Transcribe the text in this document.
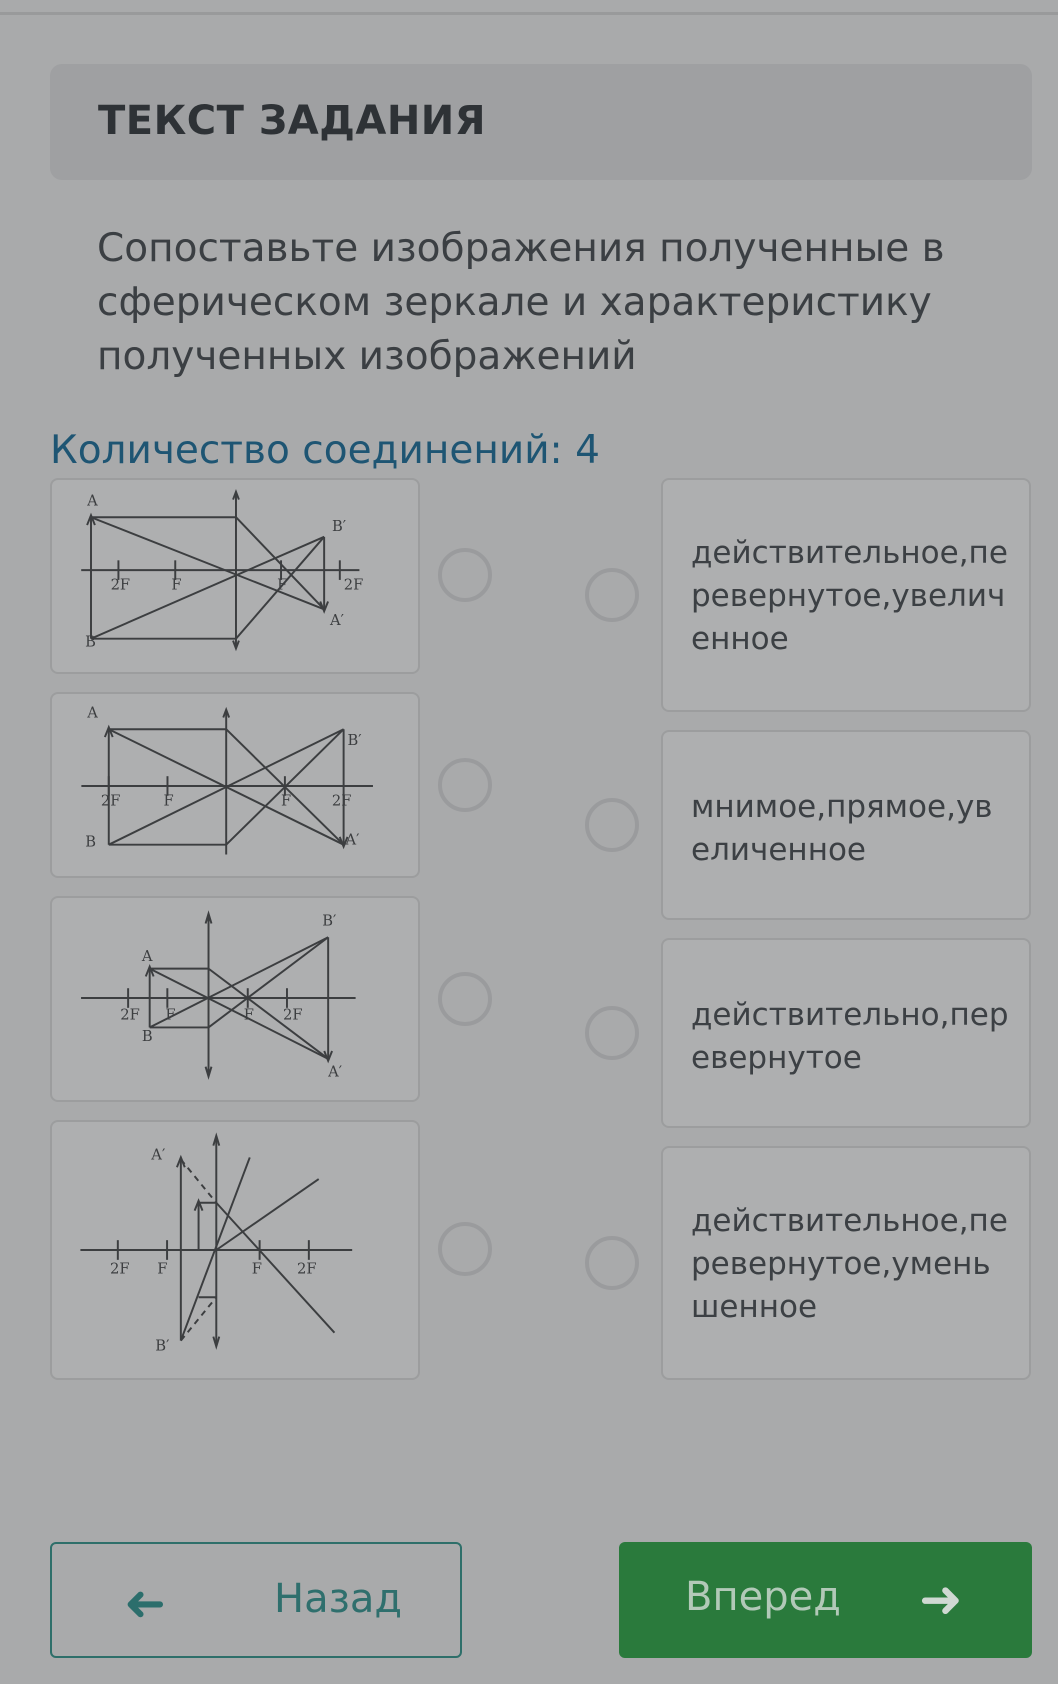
ТЕКСТ ЗАДАНИЯ
Сопоставьте изображения полученные в сферическом зеркале и характеристику полученных изображений
Количество соединений: 4
A
B
2F	F	F	2F
B′
A′
A
B
2F	F	F	2F
B′
A′
A
B
2F F	F 2F
B′
A′
A′
B′
2F F	F 2F
действительное,перевернутое,увеличенное
мнимое,прямое,увеличенное
действительно,перевернутое
действительное,перевернутое,уменьшенное
➜	Назад	Вперед ➜
